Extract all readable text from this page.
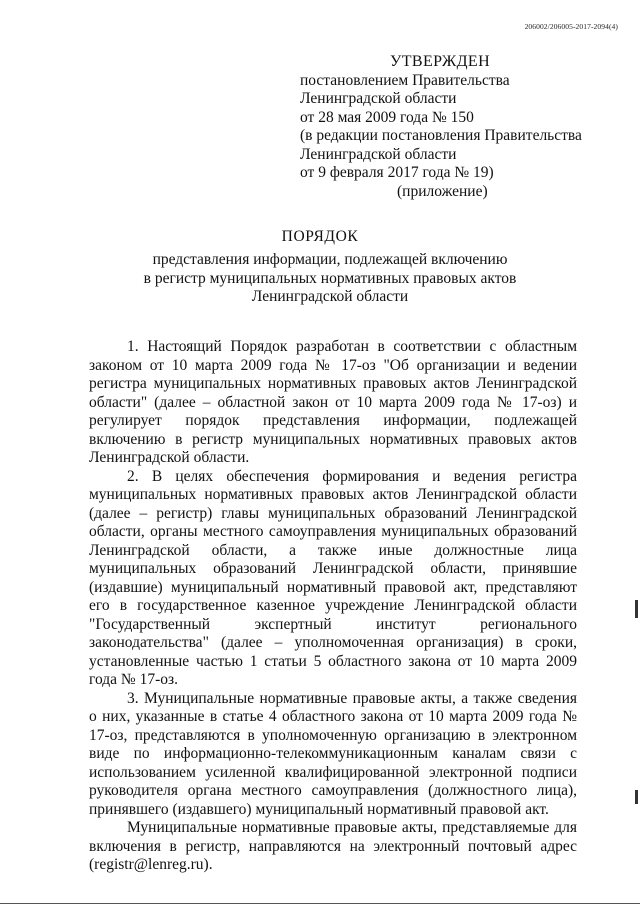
206002/206005-2017-2094(4)
УТВЕРЖДЕН
постановлением Правительства
Ленинградской области
от 28 мая 2009 года № 150
(в редакции постановления Правительства
Ленинградской области
от 9 февраля 2017 года № 19)
(приложение)
ПОРЯДОК
представления информации, подлежащей включению
в регистр муниципальных нормативных правовых актов
Ленинградской области

1. Настоящий Порядок разработан в соответствии с областным законом от 10 марта 2009 года № 17-оз "Об организации и ведении регистра муниципальных нормативных правовых актов Ленинградской области" (далее – областной закон от 10 марта 2009 года № 17-оз) и регулирует порядок представления информации, подлежащей включению в регистр муниципальных нормативных правовых актов Ленинградской области.

2. В целях обеспечения формирования и ведения регистра муниципальных нормативных правовых актов Ленинградской области (далее – регистр) главы муниципальных образований Ленинградской области, органы местного самоуправления муниципальных образований Ленинградской области, а также иные должностные лица муниципальных образований Ленинградской области, принявшие (издавшие) муниципальный нормативный правовой акт, представляют его в государственное казенное учреждение Ленинградской области "Государственный экспертный институт регионального законодательства" (далее – уполномоченная организация) в сроки, установленные частью 1 статьи 5 областного закона от 10 марта 2009 года № 17-оз.

3. Муниципальные нормативные правовые акты, а также сведения о них, указанные в статье 4 областного закона от 10 марта 2009 года № 17-оз, представляются в уполномоченную организацию в электронном виде по информационно-телекоммуникационным каналам связи с использованием усиленной квалифицированной электронной подписи руководителя органа местного самоуправления (должностного лица), принявшего (издавшего) муниципальный нормативный правовой акт.

Муниципальные нормативные правовые акты, представляемые для включения в регистр, направляются на электронный почтовый адрес (registr@lenreg.ru).
